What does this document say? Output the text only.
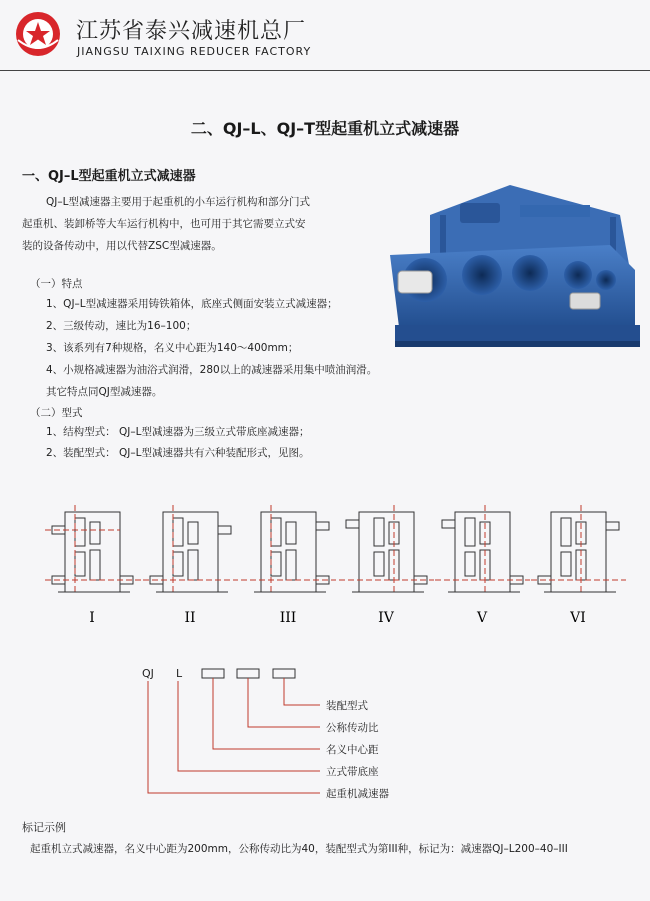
江苏省泰兴减速机总厂
JIANGSU TAIXING REDUCER FACTORY
二、QJ–L、QJ–T型起重机立式减速器
一、QJ–L型起重机立式减速器
QJ–L型减速器主要用于起重机的小车运行机构和部分门式
起重机、装卸桥等大车运行机构中，也可用于其它需要立式安
装的设备传动中，用以代替ZSC型减速器。
（一）特点
1、QJ–L型减速器采用铸铁箱体，底座式侧面安装立式减速器；
2、三级传动，速比为16–100；
3、该系列有7种规格，名义中心距为140～400mm；
4、小规格减速器为油浴式润滑，280以上的减速器采用集中喷油润滑。
其它特点同QJ型减速器。
（二）型式
1、结构型式： QJ–L型减速器为三级立式带底座减速器；
2、装配型式： QJ–L型减速器共有六种装配形式，见图。
I	II	III	IV	V	VI
QJ L
装配型式
公称传动比
名义中心距
立式带底座
起重机减速器
标记示例
起重机立式减速器，名义中心距为200mm，公称传动比为40，装配型式为第III种，标记为：减速器QJ–L200–40–III
